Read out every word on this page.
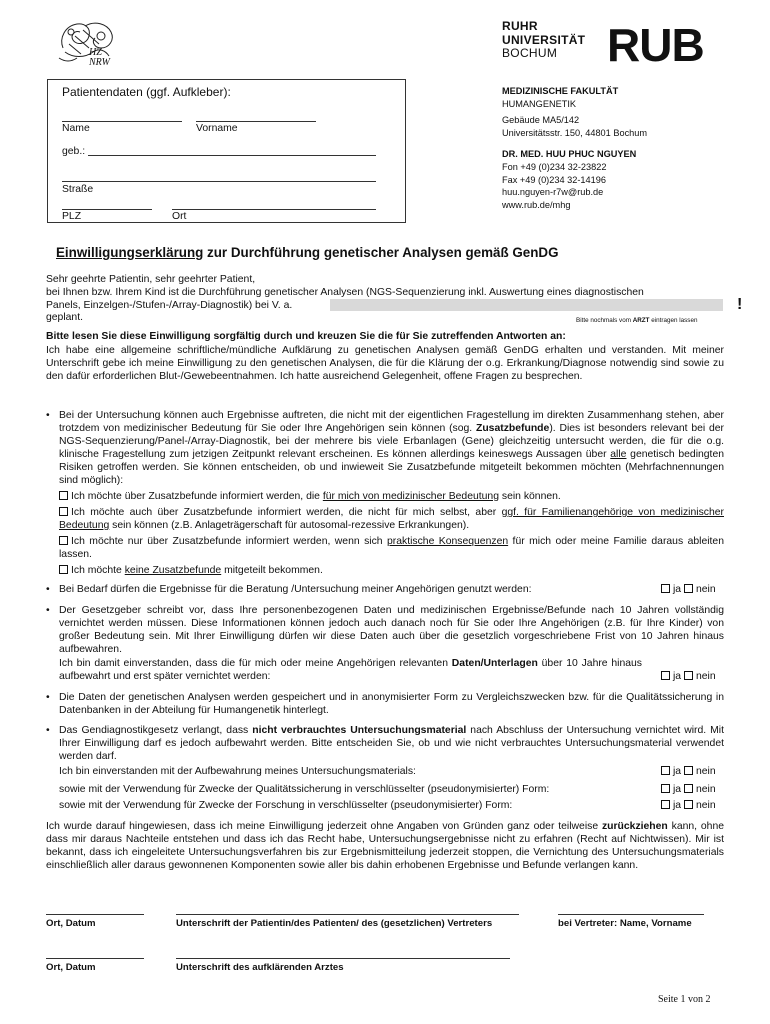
HZ
NRW
RUHR
UNIVERSITÄT
BOCHUM	RUB
Patientendaten (ggf. Aufkleber):
Name	Vorname
geb.:
Straße
PLZ	Ort
MEDIZINISCHE FAKULTÄT
HUMANGENETIK
Gebäude MA5/142
Universitätsstr. 150, 44801 Bochum
DR. MED. HUU PHUC NGUYEN
Fon +49 (0)234 32-23822
Fax +49 (0)234 32-14196
huu.nguyen-r7w@rub.de
www.rub.de/mhg
Einwilligungserklärung zur Durchführung genetischer Analysen gemäß GenDG
Sehr geehrte Patientin, sehr geehrter Patient,
bei Ihnen bzw. Ihrem Kind ist die Durchführung genetischer Analysen (NGS-Sequenzierung inkl. Auswertung eines diagnostischen
Panels, Einzelgen-/Stufen-/Array-Diagnostik) bei V. a.	!
geplant.	Bitte nochmals vom ARZT eintragen lassen
Bitte lesen Sie diese Einwilligung sorgfältig durch und kreuzen Sie die für Sie zutreffenden Antworten an:
Ich habe eine allgemeine schriftliche/mündliche Aufklärung zu genetischen Analysen gemäß GenDG erhalten und verstanden. Mit meiner Unterschrift gebe ich meine Einwilligung zu den genetischen Analysen, die für die Klärung der o.g. Erkrankung/Diagnose notwendig sind sowie zu den dafür erforderlichen Blut-/Gewebeentnahmen. Ich hatte ausreichend Gelegenheit, offene Fragen zu besprechen.
• Bei der Untersuchung können auch Ergebnisse auftreten, die nicht mit der eigentlichen Fragestellung im direkten Zusammenhang stehen, aber trotzdem von medizinischer Bedeutung für Sie oder Ihre Angehörigen sein können (sog. Zusatzbefunde). Dies ist besonders relevant bei der NGS-Sequenzierung/Panel-/Array-Diagnostik, bei der mehrere bis viele Erbanlagen (Gene) gleichzeitig untersucht werden, die für die o.g. klinische Fragestellung zum jetzigen Zeitpunkt relevant erscheinen. Es können allerdings keineswegs Aussagen über alle genetisch bedingten Risiken getroffen werden. Sie können entscheiden, ob und inwieweit Sie Zusatzbefunde mitgeteilt bekommen möchten (Mehrfachnennungen sind möglich):
Ich möchte über Zusatzbefunde informiert werden, die für mich von medizinischer Bedeutung sein können.
Ich möchte auch über Zusatzbefunde informiert werden, die nicht für mich selbst, aber ggf. für Familienangehörige von medizinischer Bedeutung sein können (z.B. Anlageträgerschaft für autosomal-rezessive Erkrankungen).
Ich möchte nur über Zusatzbefunde informiert werden, wenn sich praktische Konsequenzen für mich oder meine Familie daraus ableiten lassen.
Ich möchte keine Zusatzbefunde mitgeteilt bekommen.
• Bei Bedarf dürfen die Ergebnisse für die Beratung /Untersuchung meiner Angehörigen genutzt werden:	ja nein
• Der Gesetzgeber schreibt vor, dass Ihre personenbezogenen Daten und medizinischen Ergebnisse/Befunde nach 10 Jahren vollständig vernichtet werden müssen. Diese Informationen können jedoch auch danach noch für Sie oder Ihre Angehörigen (z.B. für Ihre Kinder) von großer Bedeutung sein. Mit Ihrer Einwilligung dürfen wir diese Daten auch über die gesetzlich vorgeschriebene Frist von 10 Jahren hinaus aufbewahren.
Ich bin damit einverstanden, dass die für mich oder meine Angehörigen relevanten Daten/Unterlagen über 10 Jahre hinaus aufbewahrt und erst später vernichtet werden:	ja nein
• Die Daten der genetischen Analysen werden gespeichert und in anonymisierter Form zu Vergleichszwecken bzw. für die Qualitätssicherung in Datenbanken in der Abteilung für Humangenetik hinterlegt.
• Das Gendiagnostikgesetz verlangt, dass nicht verbrauchtes Untersuchungsmaterial nach Abschluss der Untersuchung vernichtet wird. Mit Ihrer Einwilligung darf es jedoch aufbewahrt werden. Bitte entscheiden Sie, ob und wie nicht verbrauchtes Untersuchungsmaterial verwendet werden darf.
Ich bin einverstanden mit der Aufbewahrung meines Untersuchungsmaterials:	ja nein
sowie mit der Verwendung für Zwecke der Qualitätssicherung in verschlüsselter (pseudonymisierter) Form:	ja nein
sowie mit der Verwendung für Zwecke der Forschung in verschlüsselter (pseudonymisierter) Form:	ja nein
Ich wurde darauf hingewiesen, dass ich meine Einwilligung jederzeit ohne Angaben von Gründen ganz oder teilweise zurückziehen kann, ohne dass mir daraus Nachteile entstehen und dass ich das Recht habe, Untersuchungsergebnisse nicht zu erfahren (Recht auf Nichtwissen). Mir ist bekannt, dass ich eingeleitete Untersuchungsverfahren bis zur Ergebnismitteilung jederzeit stoppen, die Vernichtung des Untersuchungsmaterials einschließlich aller daraus gewonnenen Komponenten sowie aller bis dahin erhobenen Ergebnisse und Befunde verlangen kann.
Ort, Datum	Unterschrift der Patientin/des Patienten/ des (gesetzlichen) Vertreters	bei Vertreter: Name, Vorname
Ort, Datum	Unterschrift des aufklärenden Arztes
Seite 1 von 2
